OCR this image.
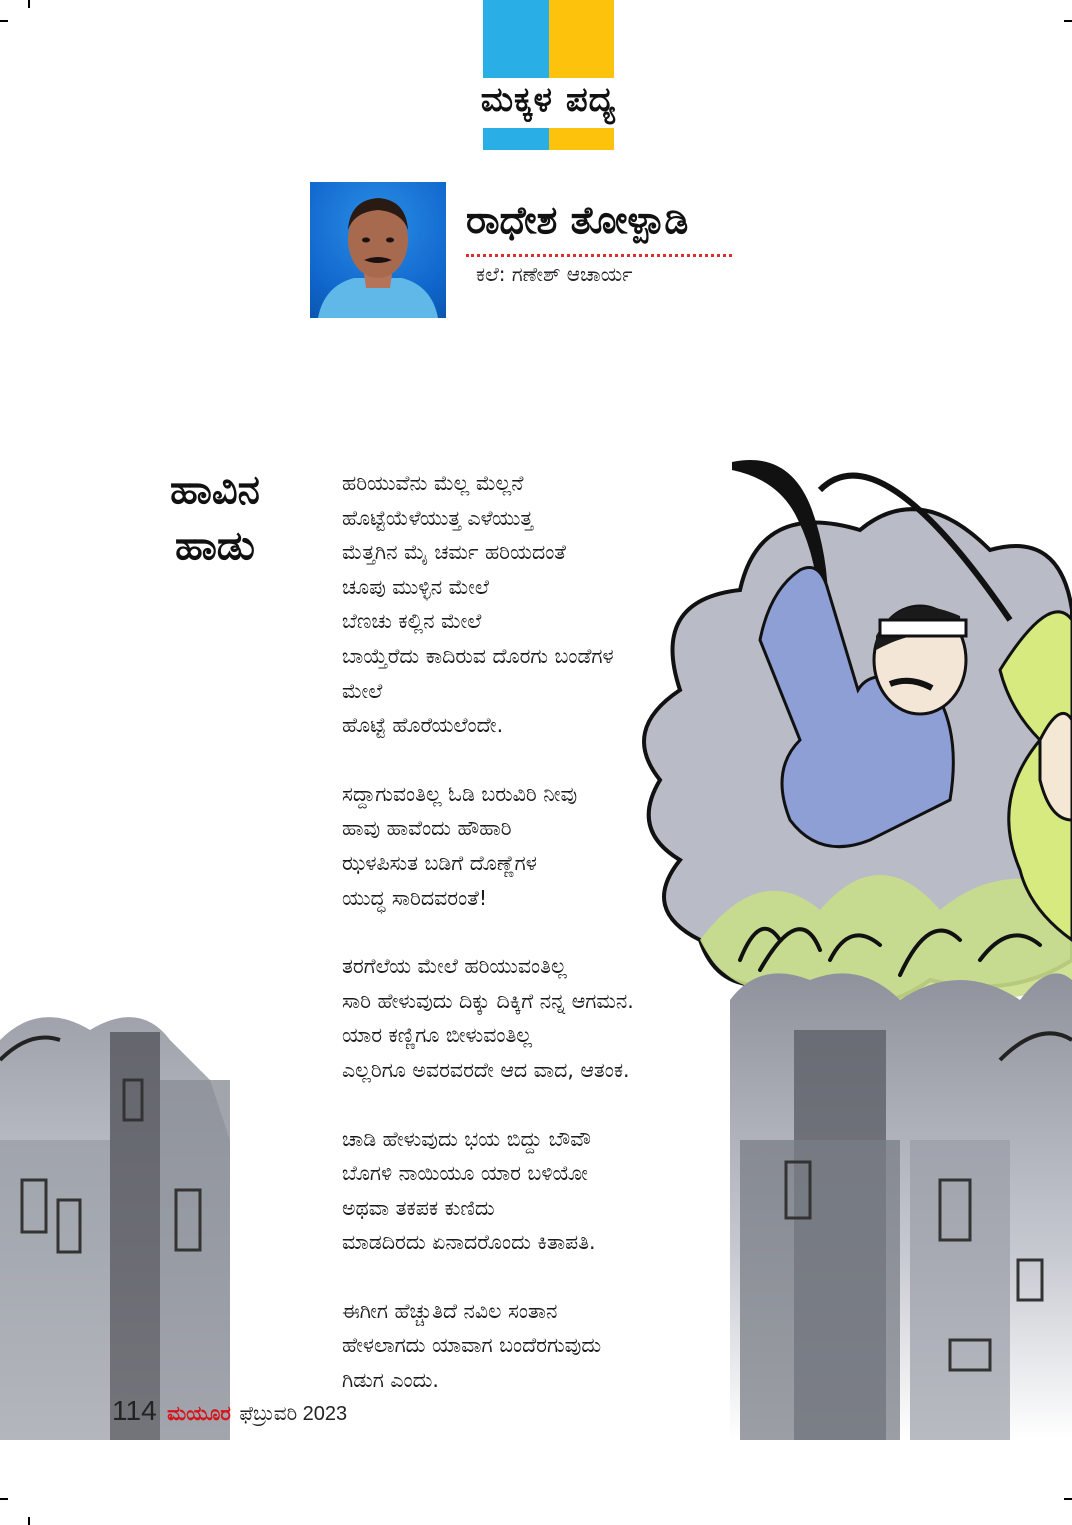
ಮಕ್ಕಳ ಪದ್ಯ
ರಾಧೇಶ ತೋಳ್ಪಾಡಿ
ಕಲೆ: ಗಣೇಶ್ ಆಚಾರ್ಯ
ಹಾವಿನ
ಹಾಡು
ಹರಿಯುವೆನು ಮೆಲ್ಲ ಮೆಲ್ಲನೆ
ಹೊಟ್ಟೆಯೆಳೆಯುತ್ತ ಎಳೆಯುತ್ತ
ಮೆತ್ತಗಿನ ಮೈ ಚರ್ಮ ಹರಿಯದಂತೆ
ಚೂಪು ಮುಳ್ಳಿನ ಮೇಲೆ
ಬೆಣಚು ಕಲ್ಲಿನ ಮೇಲೆ
ಬಾಯ್ತೆರೆದು ಕಾದಿರುವ ದೊರಗು ಬಂಡೆಗಳ
ಮೇಲೆ
ಹೊಟ್ಟೆ ಹೊರೆಯಲೆಂದೇ.
ಸದ್ದಾಗುವಂತಿಲ್ಲ ಓಡಿ ಬರುವಿರಿ ನೀವು
ಹಾವು ಹಾವೆಂದು ಹೌಹಾರಿ
ಝಳಪಿಸುತ ಬಡಿಗೆ ದೊಣ್ಣೆಗಳ
ಯುದ್ಧ ಸಾರಿದವರಂತೆ!
ತರಗೆಲೆಯ ಮೇಲೆ ಹರಿಯುವಂತಿಲ್ಲ
ಸಾರಿ ಹೇಳುವುದು ದಿಕ್ಕು ದಿಕ್ಕಿಗೆ ನನ್ನ ಆಗಮನ.
ಯಾರ ಕಣ್ಣಿಗೂ ಬೀಳುವಂತಿಲ್ಲ
ಎಲ್ಲರಿಗೂ ಅವರವರದೇ ಆದ ವಾದ, ಆತಂಕ.
ಚಾಡಿ ಹೇಳುವುದು ಭಯ ಬಿದ್ದು ಬೌವೌ
ಬೊಗಳಿ ನಾಯಿಯೂ ಯಾರ ಬಳಿಯೋ
ಅಥವಾ ತಕಪಕ ಕುಣಿದು
ಮಾಡದಿರದು ಏನಾದರೊಂದು ಕಿತಾಪತಿ.
ಈಗೀಗ ಹೆಚ್ಚುತಿದೆ ನವಿಲ ಸಂತಾನ
ಹೇಳಲಾಗದು ಯಾವಾಗ ಬಂದೆರಗುವುದು
ಗಿಡುಗ ಎಂದು.
114 ಮಯೂರ ಫೆಬ್ರುವರಿ 2023
